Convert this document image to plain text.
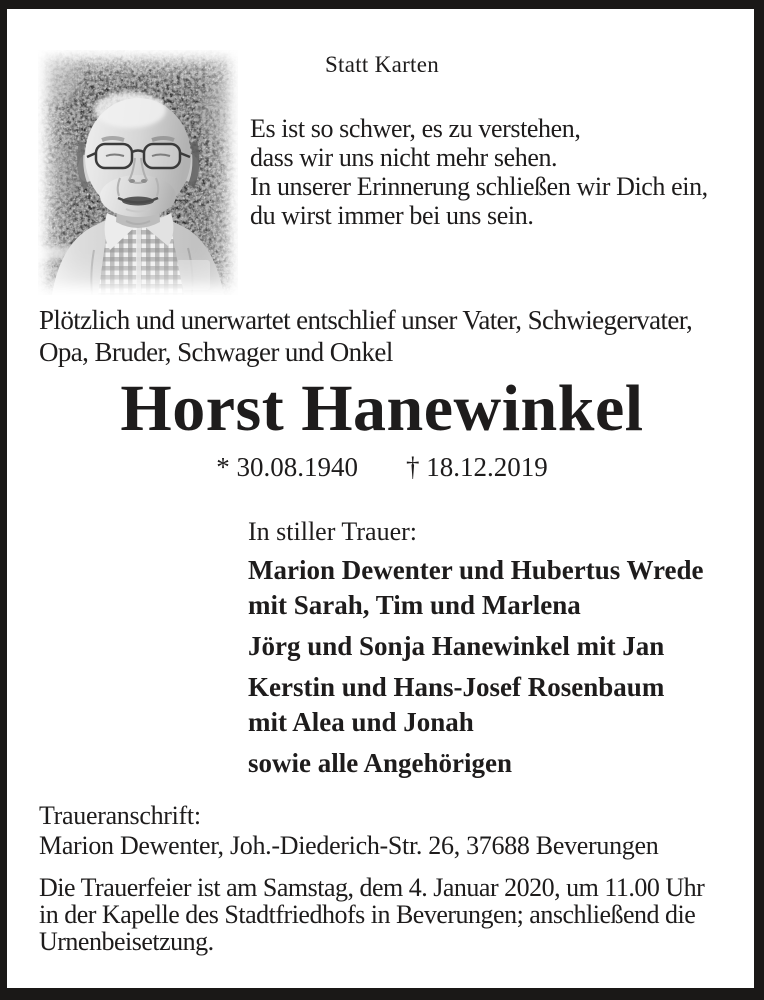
Statt Karten
Es ist so schwer, es zu verstehen,
dass wir uns nicht mehr sehen.
In unserer Erinnerung schließen wir Dich ein,
du wirst immer bei uns sein.
Plötzlich und unerwartet entschlief unser Vater, Schwiegervater,
Opa, Bruder, Schwager und Onkel
Horst Hanewinkel
* 30.08.1940 † 18.12.2019
In stiller Trauer:
Marion Dewenter und Hubertus Wrede
mit Sarah, Tim und Marlena
Jörg und Sonja Hanewinkel mit Jan
Kerstin und Hans-Josef Rosenbaum
mit Alea und Jonah
sowie alle Angehörigen
Traueranschrift:
Marion Dewenter, Joh.-Diederich-Str. 26, 37688 Beverungen
Die Trauerfeier ist am Samstag, dem 4. Januar 2020, um 11.00 Uhr
in der Kapelle des Stadtfriedhofs in Beverungen; anschließend die
Urnenbeisetzung.
